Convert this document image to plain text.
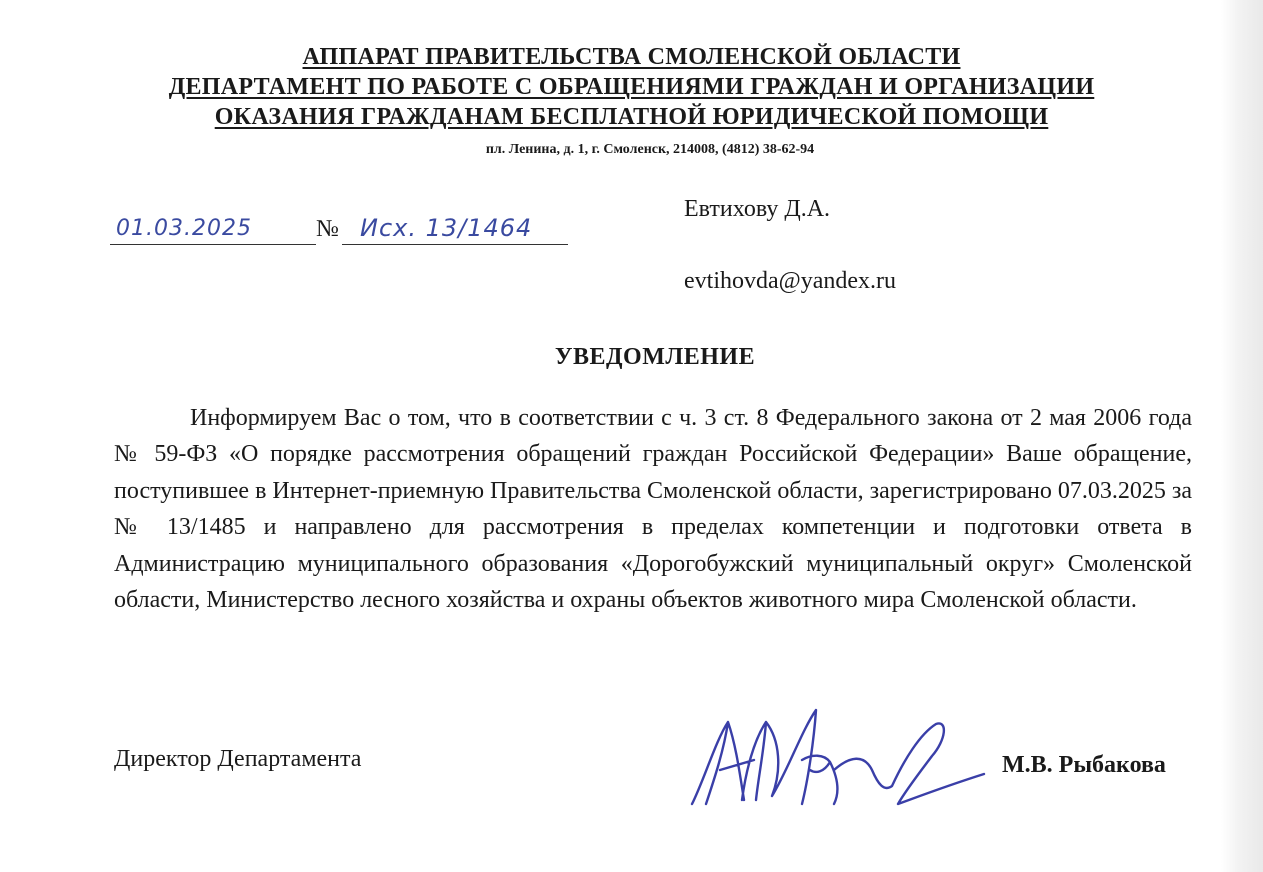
АППАРАТ ПРАВИТЕЛЬСТВА СМОЛЕНСКОЙ ОБЛАСТИ
ДЕПАРТАМЕНТ ПО РАБОТЕ С ОБРАЩЕНИЯМИ ГРАЖДАН И ОРГАНИЗАЦИИ
ОКАЗАНИЯ ГРАЖДАНАМ БЕСПЛАТНОЙ ЮРИДИЧЕСКОЙ ПОМОЩИ
пл. Ленина, д. 1, г. Смоленск, 214008, (4812) 38-62-94
01.03.2025	№ Исх. 13/1464
Евтихову Д.А.
evtihovda@yandex.ru
УВЕДОМЛЕНИЕ

Информируем Вас о том, что в соответствии с ч. 3 ст. 8 Федерального закона от 2 мая 2006 года № 59-ФЗ «О порядке рассмотрения обращений граждан Российской Федерации» Ваше обращение, поступившее в Интернет-приемную Правительства Смоленской области, зарегистрировано 07.03.2025 за № 13/1485 и направлено для рассмотрения в пределах компетенции и подготовки ответа в Администрацию муниципального образования «Дорогобужский муниципальный округ» Смоленской области, Министерство лесного хозяйства и охраны объектов животного мира Смоленской области.

Директор Департамента	М.В. Рыбакова
